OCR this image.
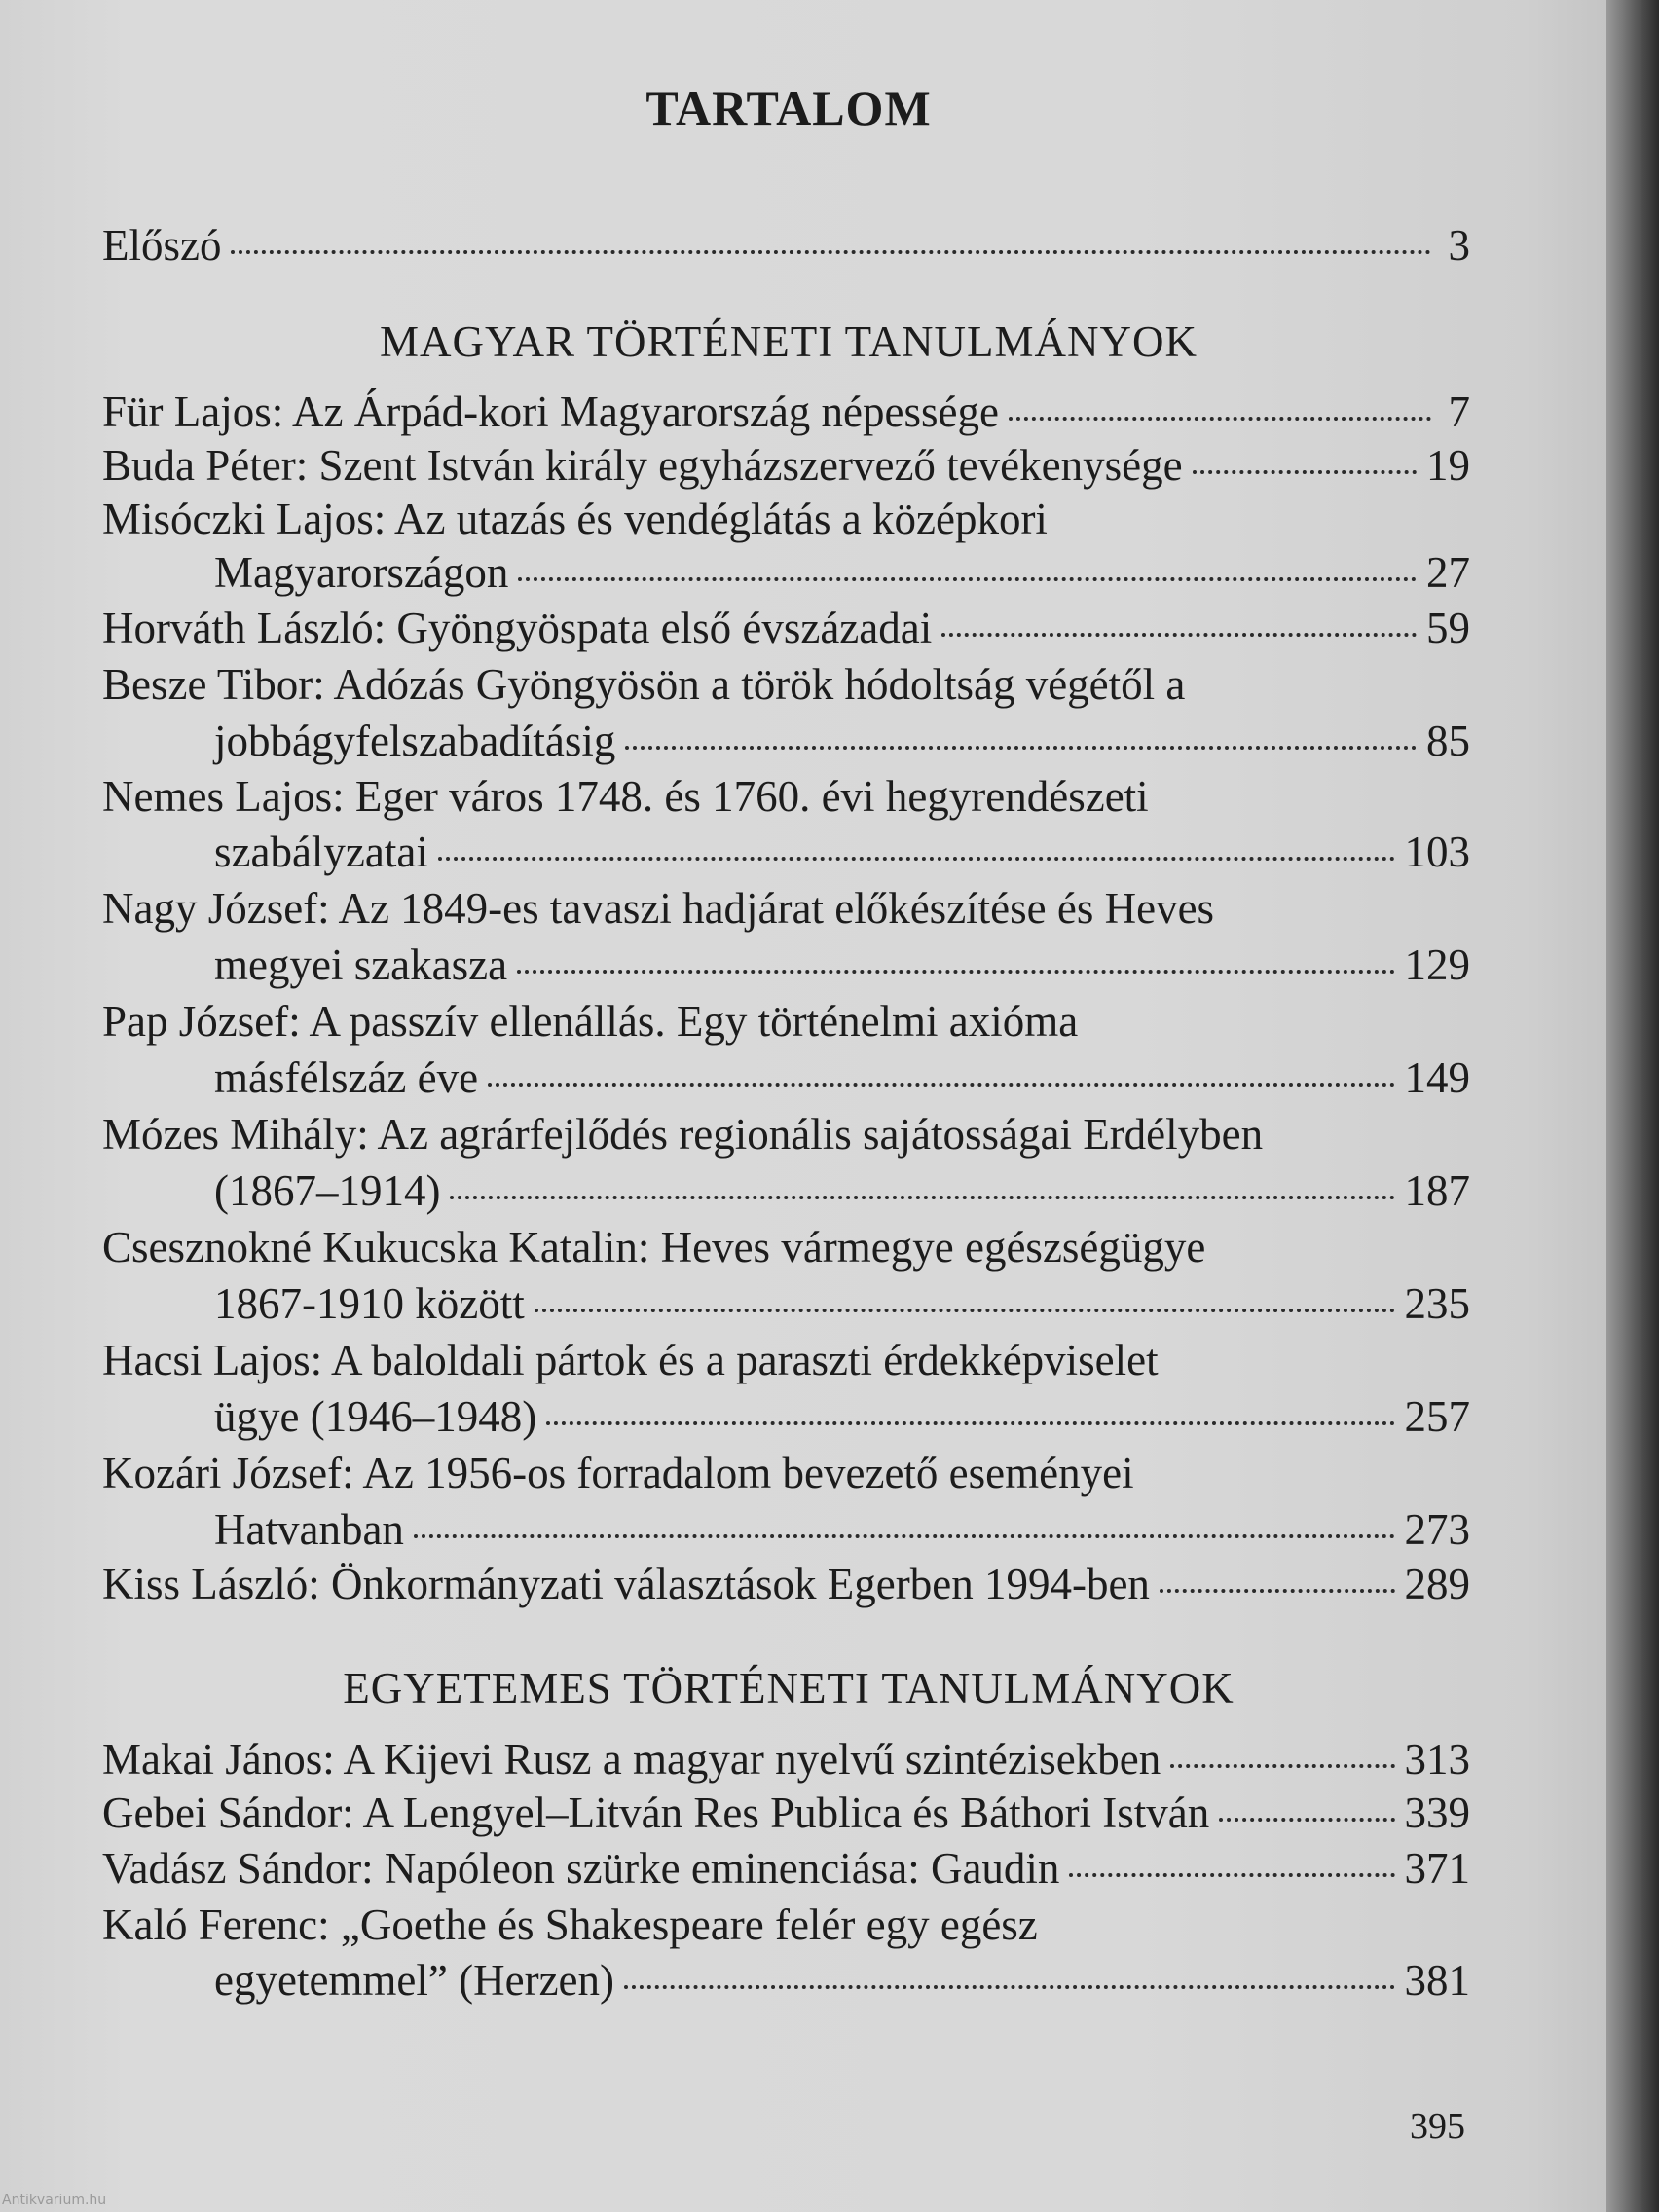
TARTALOM
Előszó	3
MAGYAR TÖRTÉNETI TANULMÁNYOK
Für Lajos: Az Árpád-kori Magyarország népessége	7
Buda Péter: Szent István király egyházszervező tevékenysége	19
Misóczki Lajos: Az utazás és vendéglátás a középkori
Magyarországon	27
Horváth László: Gyöngyöspata első évszázadai	59
Besze Tibor: Adózás Gyöngyösön a török hódoltság végétől a
jobbágyfelszabadításig	85
Nemes Lajos: Eger város 1748. és 1760. évi hegyrendészeti
szabályzatai	103
Nagy József: Az 1849-es tavaszi hadjárat előkészítése és Heves
megyei szakasza	129
Pap József: A passzív ellenállás. Egy történelmi axióma
másfélszáz éve	149
Mózes Mihály: Az agrárfejlődés regionális sajátosságai Erdélyben
(1867–1914)	187
Csesznokné Kukucska Katalin: Heves vármegye egészségügye
1867-1910 között	235
Hacsi Lajos: A baloldali pártok és a paraszti érdekképviselet
ügye (1946–1948)	257
Kozári József: Az 1956-os forradalom bevezető eseményei
Hatvanban	273
Kiss László: Önkormányzati választások Egerben 1994-ben	289
EGYETEMES TÖRTÉNETI TANULMÁNYOK
Makai János: A Kijevi Rusz a magyar nyelvű szintézisekben	313
Gebei Sándor: A Lengyel–Litván Res Publica és Báthori István	339
Vadász Sándor: Napóleon szürke eminenciása: Gaudin	371
Kaló Ferenc: „Goethe és Shakespeare felér egy egész
egyetemmel” (Herzen)	381
395
Antikvarium.hu
